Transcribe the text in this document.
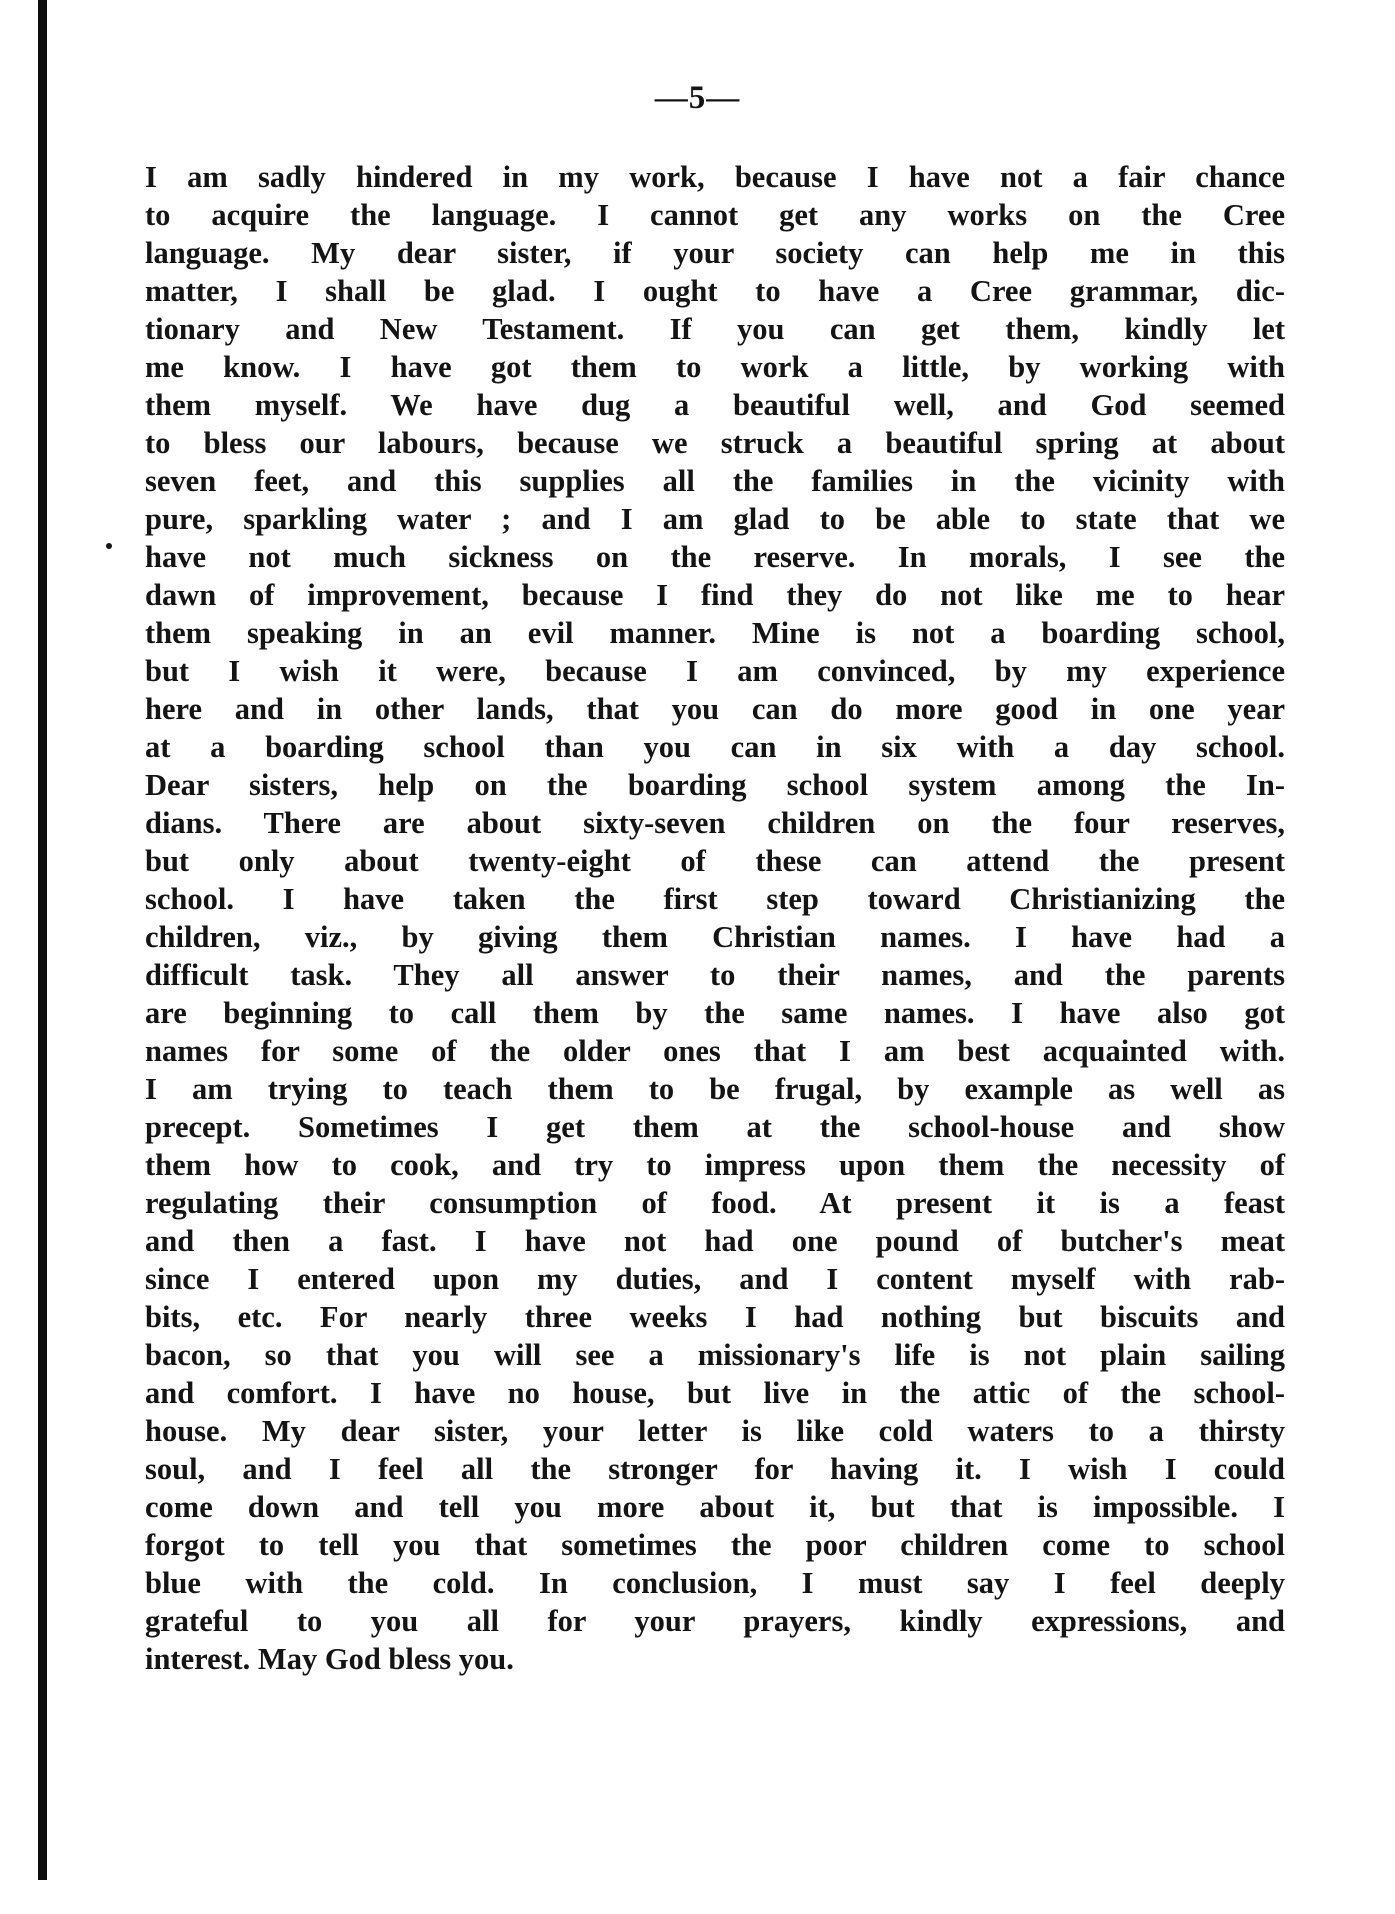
—5—
I am sadly hindered in my work, because I have not a fair chance
to acquire the language. I cannot get any works on the Cree
language. My dear sister, if your society can help me in this
matter, I shall be glad. I ought to have a Cree grammar, dic-
tionary and New Testament. If you can get them, kindly let
me know. I have got them to work a little, by working with
them myself. We have dug a beautiful well, and God seemed
to bless our labours, because we struck a beautiful spring at about
seven feet, and this supplies all the families in the vicinity with
pure, sparkling water ; and I am glad to be able to state that we
have not much sickness on the reserve. In morals, I see the
dawn of improvement, because I find they do not like me to hear
them speaking in an evil manner. Mine is not a boarding school,
but I wish it were, because I am convinced, by my experience
here and in other lands, that you can do more good in one year
at a boarding school than you can in six with a day school.
Dear sisters, help on the boarding school system among the In-
dians. There are about sixty-seven children on the four reserves,
but only about twenty-eight of these can attend the present
school. I have taken the first step toward Christianizing the
children, viz., by giving them Christian names. I have had a
difficult task. They all answer to their names, and the parents
are beginning to call them by the same names. I have also got
names for some of the older ones that I am best acquainted with.
I am trying to teach them to be frugal, by example as well as
precept. Sometimes I get them at the school-house and show
them how to cook, and try to impress upon them the necessity of
regulating their consumption of food. At present it is a feast
and then a fast. I have not had one pound of butcher's meat
since I entered upon my duties, and I content myself with rab-
bits, etc. For nearly three weeks I had nothing but biscuits and
bacon, so that you will see a missionary's life is not plain sailing
and comfort. I have no house, but live in the attic of the school-
house. My dear sister, your letter is like cold waters to a thirsty
soul, and I feel all the stronger for having it. I wish I could
come down and tell you more about it, but that is impossible. I
forgot to tell you that sometimes the poor children come to school
blue with the cold. In conclusion, I must say I feel deeply
grateful to you all for your prayers, kindly expressions, and
interest. May God bless you.
